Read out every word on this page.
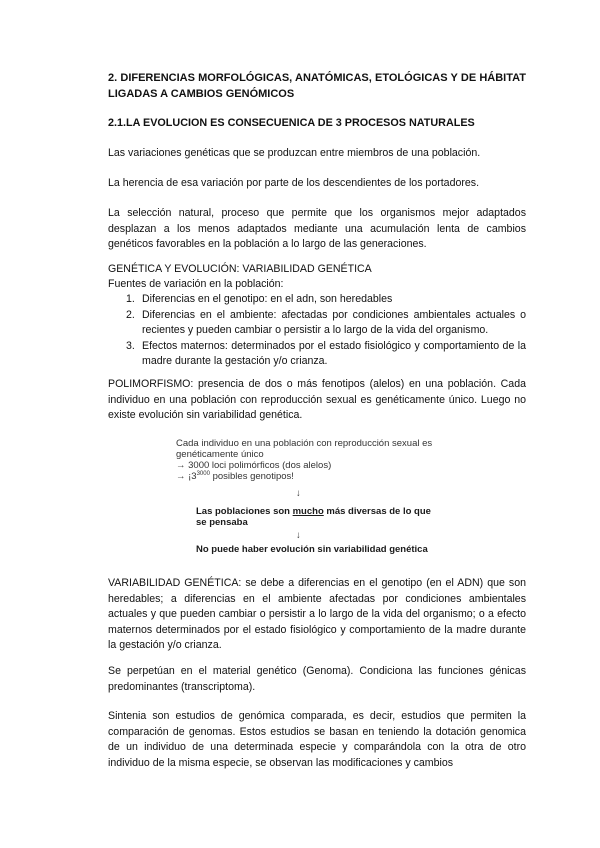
2. DIFERENCIAS MORFOLÓGICAS, ANATÓMICAS, ETOLÓGICAS Y DE HÁBITAT LIGADAS A CAMBIOS GENÓMICOS

2.1.LA EVOLUCION ES CONSECUENICA DE 3 PROCESOS NATURALES

Las variaciones genéticas que se produzcan entre miembros de una población.

La herencia de esa variación por parte de los descendientes de los portadores.

La selección natural, proceso que permite que los organismos mejor adaptados desplazan a los menos adaptados mediante una acumulación lenta de cambios genéticos favorables en la población a lo largo de las generaciones.

GENÉTICA Y EVOLUCIÓN: VARIABILIDAD GENÉTICA

Fuentes de variación en la población:

1. Diferencias en el genotipo: en el adn, son heredables
2. Diferencias en el ambiente: afectadas por condiciones ambientales actuales o recientes y pueden cambiar o persistir a lo largo de la vida del organismo.
3. Efectos maternos: determinados por el estado fisiológico y comportamiento de la madre durante la gestación y/o crianza.

POLIMORFISMO: presencia de dos o más fenotipos (alelos) en una población. Cada individuo en una población con reproducción sexual es genéticamente único. Luego no existe evolución sin variabilidad genética.

Cada individuo en una población con reproducción sexual es
genéticamente único
→ 3000 loci polimórficos (dos alelos)
→ ¡$3^{3000}$ posibles genotipos!
↓
Las poblaciones son mucho más diversas de lo que
se pensaba
↓
No puede haber evolución sin variabilidad genética

VARIABILIDAD GENÉTICA: se debe a diferencias en el genotipo (en el ADN) que son heredables; a diferencias en el ambiente afectadas por condiciones ambientales actuales y que pueden cambiar o persistir a lo largo de la vida del organismo; o a efecto maternos determinados por el estado fisiológico y comportamiento de la madre durante la gestación y/o crianza.

Se perpetúan en el material genético (Genoma). Condiciona las funciones génicas predominantes (transcriptoma).

Sintenia son estudios de genómica comparada, es decir, estudios que permiten la comparación de genomas. Estos estudios se basan en teniendo la dotación genomica de un individuo de una determinada especie y comparándola con la otra de otro individuo de la misma especie, se observan las modificaciones y cambios
